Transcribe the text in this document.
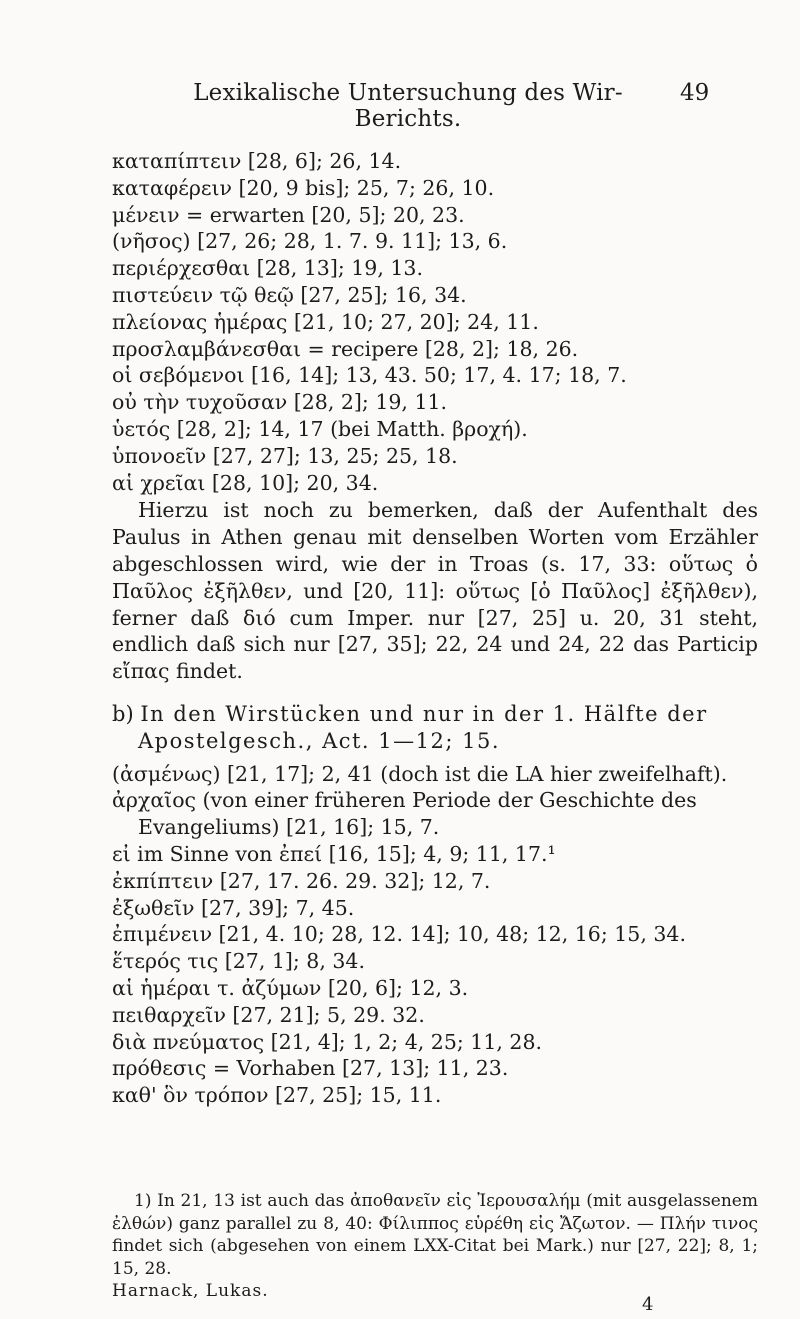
Lexikalische Untersuchung des Wir-Berichts.
49
καταπίπτειν [28, 6]; 26, 14.
καταφέρειν [20, 9 bis]; 25, 7; 26, 10.
μένειν = erwarten [20, 5]; 20, 23.
(νῆσος) [27, 26; 28, 1. 7. 9. 11]; 13, 6.
περιέρχεσθαι [28, 13]; 19, 13.
πιστεύειν τῷ θεῷ [27, 25]; 16, 34.
πλείονας ἡμέρας [21, 10; 27, 20]; 24, 11.
προσλαμβάνεσθαι = recipere [28, 2]; 18, 26.
οἱ σεβόμενοι [16, 14]; 13, 43. 50; 17, 4. 17; 18, 7.
οὐ τὴν τυχοῦσαν [28, 2]; 19, 11.
ὑετός [28, 2]; 14, 17 (bei Matth. βροχή).
ὑπονοεῖν [27, 27]; 13, 25; 25, 18.
αἱ χρεῖαι [28, 10]; 20, 34.
Hierzu ist noch zu bemerken, daß der Aufenthalt des Paulus in Athen genau mit denselben Worten vom Erzähler abgeschlossen wird, wie der in Troas (s. 17, 33: οὕτως ὁ Παῦλος ἐξῆλθεν, und [20, 11]: οὕτως [ὁ Παῦλος] ἐξῆλθεν), ferner daß διό cum Imper. nur [27, 25] u. 20, 31 steht, endlich daß sich nur [27, 35]; 22, 24 und 24, 22 das Particip εἴπας findet.
b) In den Wirstücken und nur in der 1. Hälfte der Apostelgesch., Act. 1—12; 15.
(ἀσμένως) [21, 17]; 2, 41 (doch ist die LA hier zweifelhaft).
ἀρχαῖος (von einer früheren Periode der Geschichte des Evangeliums) [21, 16]; 15, 7.
εἰ im Sinne von ἐπεί [16, 15]; 4, 9; 11, 17.¹
ἐκπίπτειν [27, 17. 26. 29. 32]; 12, 7.
ἐξωθεῖν [27, 39]; 7, 45.
ἐπιμένειν [21, 4. 10; 28, 12. 14]; 10, 48; 12, 16; 15, 34.
ἕτερός τις [27, 1]; 8, 34.
αἱ ἡμέραι τ. ἀζύμων [20, 6]; 12, 3.
πειθαρχεῖν [27, 21]; 5, 29. 32.
διὰ πνεύματος [21, 4]; 1, 2; 4, 25; 11, 28.
πρόθεσις = Vorhaben [27, 13]; 11, 23.
καθ' ὃν τρόπον [27, 25]; 15, 11.

1) In 21, 13 ist auch das ἀποθανεῖν εἰς Ἰερουσαλήμ (mit ausgelassenem ἐλθών) ganz parallel zu 8, 40: Φίλιππος εὑρέθη εἰς Ἄζωτον. — Πλήν τινος findet sich (abgesehen von einem LXX-Citat bei Mark.) nur [27, 22]; 8, 1; 15, 28.

Harnack, Lukas.
4
